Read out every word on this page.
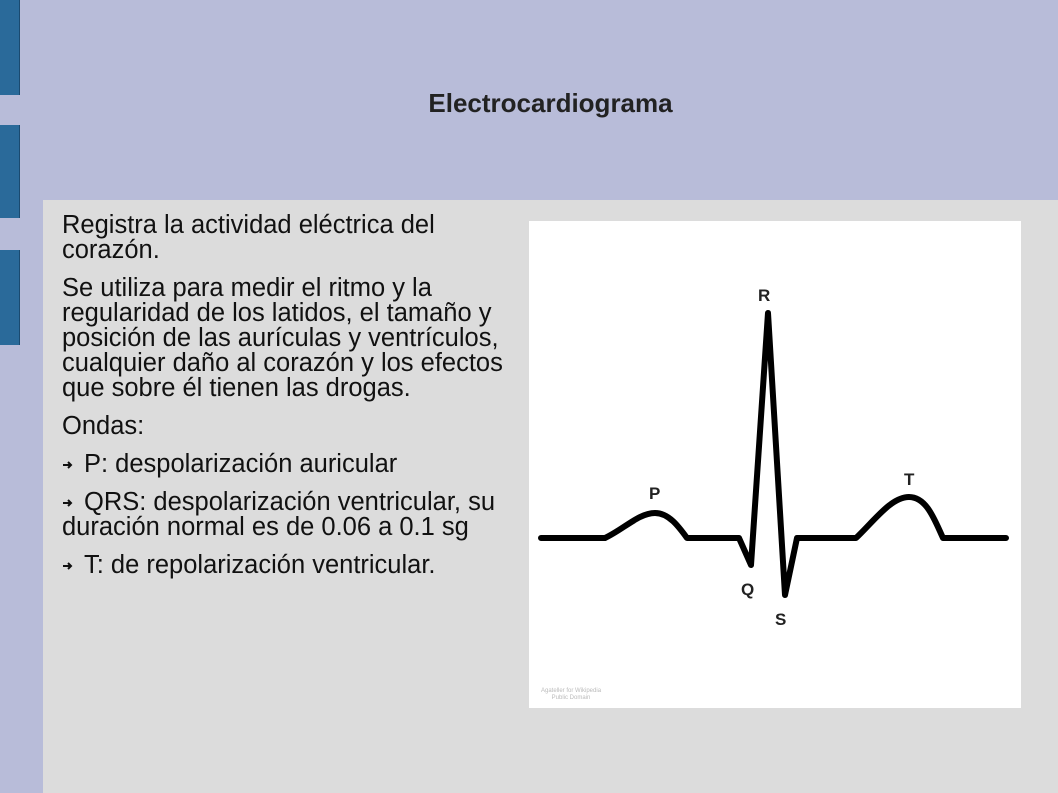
Electrocardiograma

Registra la actividad eléctrica del corazón.

Se utiliza para medir el ritmo y la regularidad de los latidos, el tamaño y posición de las aurículas y ventrículos, cualquier daño al corazón y los efectos que sobre él tienen las drogas.

Ondas:

P: despolarización auricular

QRS: despolarización ventricular, su duración normal es de 0.06 a 0.1 sg

T: de repolarización ventricular.

R
P
T
Q
S
Agateller for Wikipedia
Public Domain
